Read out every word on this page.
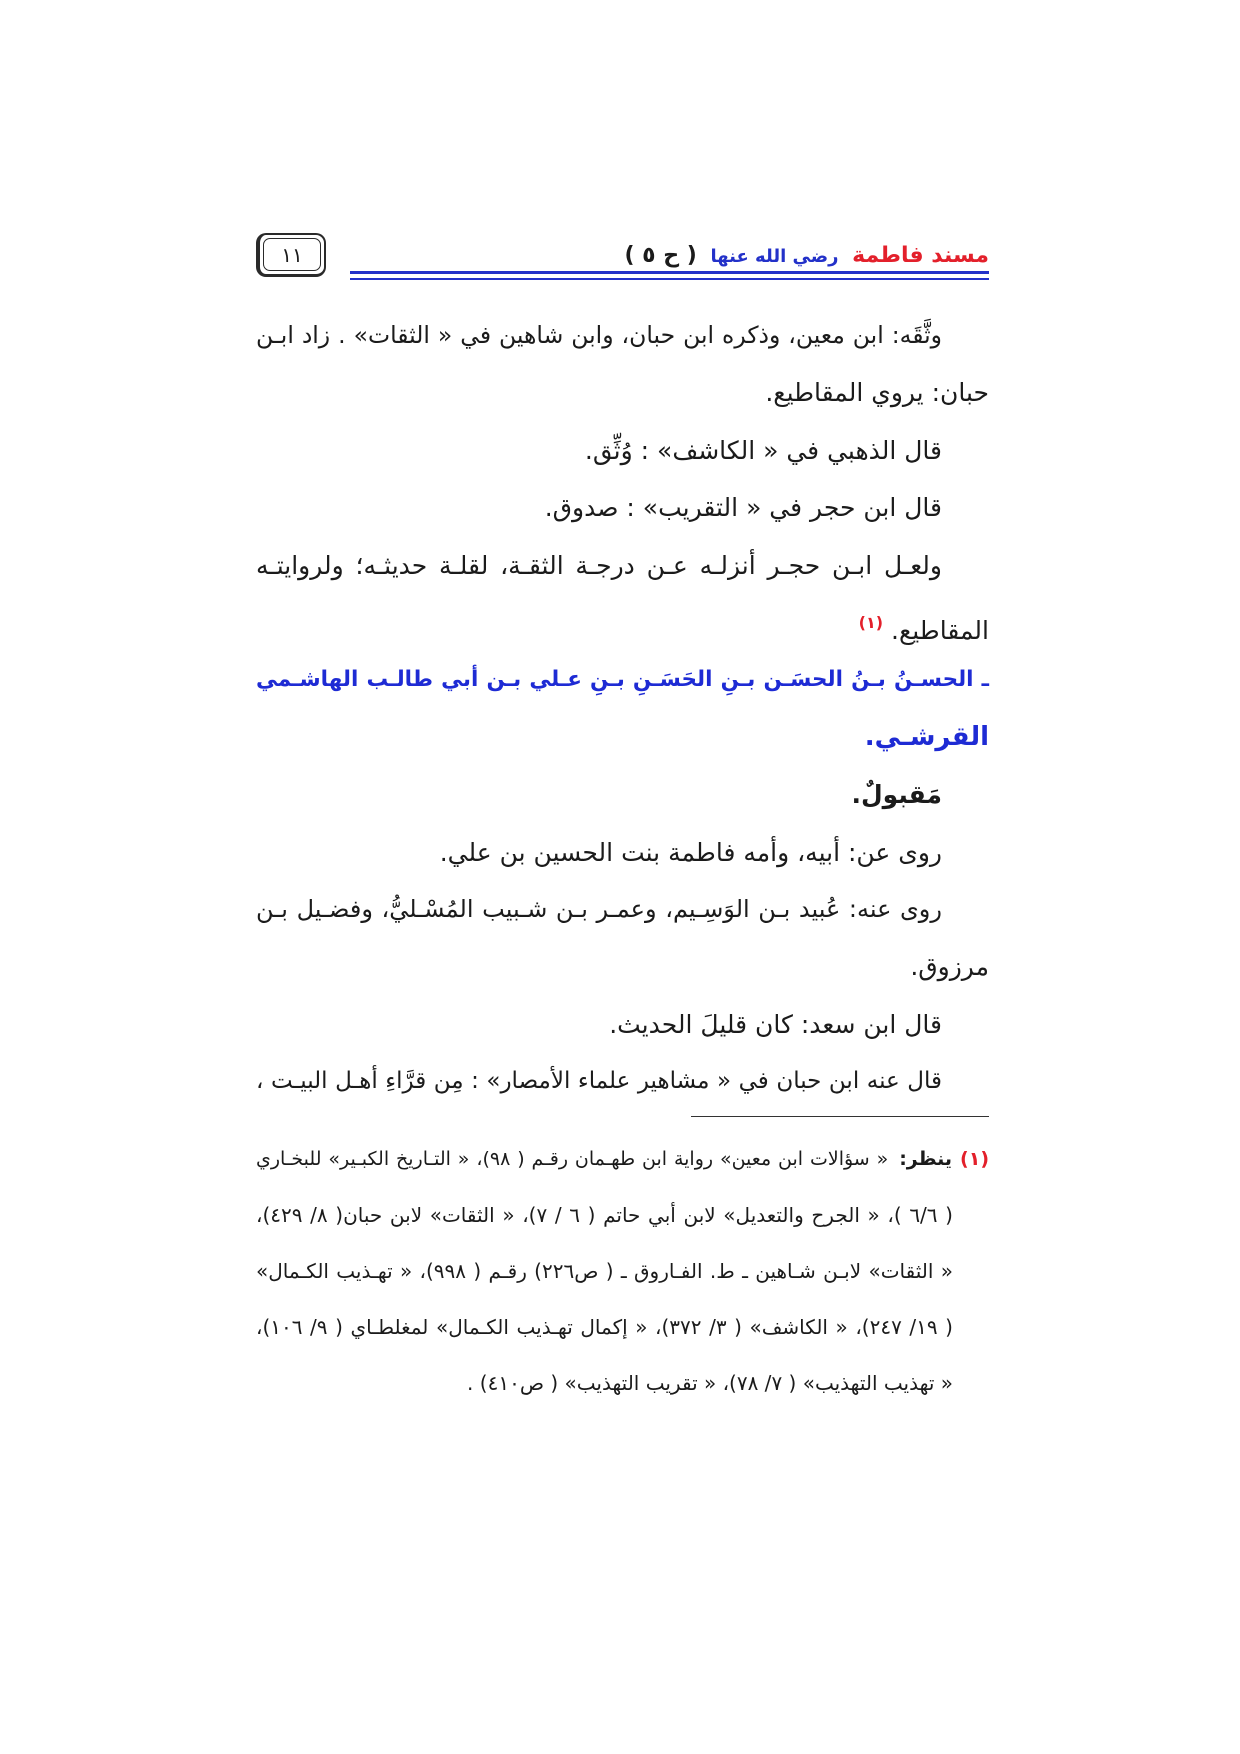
مسند فاطمة رضي الله عنها ( ح ٥ )
١١
وثَّقَه: ابن معين، وذكره ابن حبان، وابن شاهين في « الثقات» . زاد ابـن
حبان: يروي المقاطيع.
قال الذهبي في « الكاشف» : وُثِّق.
قال ابن حجر في « التقريب» : صدوق.
ولعـل ابـن حجـر أنزلـه عـن درجـة الثقـة، لقلـة حديثـه؛ ولروايتـه
المقاطيع.$^{(١)}$
ـ الحسـنُ بـنُ الحسَـن بـنِ الحَسَـنِ بـنِ عـلي بـن أبي طالـب الهاشـمي
القرشـي.
مَقبولٌ.
روى عن: أبيه، وأمه فاطمة بنت الحسين بن علي.
روى عنه: عُبيد بـن الوَسِـيم، وعمـر بـن شـبيب المُسْـليُّ، وفضـيل بـن
مرزوق.
قال ابن سعد: كان قليلَ الحديث.
قال عنه ابن حبان في « مشاهير علماء الأمصار» : مِن قرَّاءِ أهـل البيـت ،
(١)ينظر: « سؤالات ابن معين» رواية ابن طهـمان رقـم ( ٩٨)، « التـاريخ الكبـير» للبخـاري
( ٦/٦ )، « الجرح والتعديل» لابن أبي حاتم ( ٦ / ٧)، « الثقات» لابن حبان( ٨/ ٤٢٩)،
« الثقات» لابـن شـاهين ـ ط. الفـاروق ـ ( ص٢٢٦) رقـم ( ٩٩٨)، « تهـذيب الكـمال»
( ١٩/ ٢٤٧)، « الكاشف» ( ٣/ ٣٧٢)، « إكمال تهـذيب الكـمال» لمغلطـاي ( ٩/ ١٠٦)،
« تهذيب التهذيب» ( ٧/ ٧٨)، « تقريب التهذيب» ( ص٤١٠) .
